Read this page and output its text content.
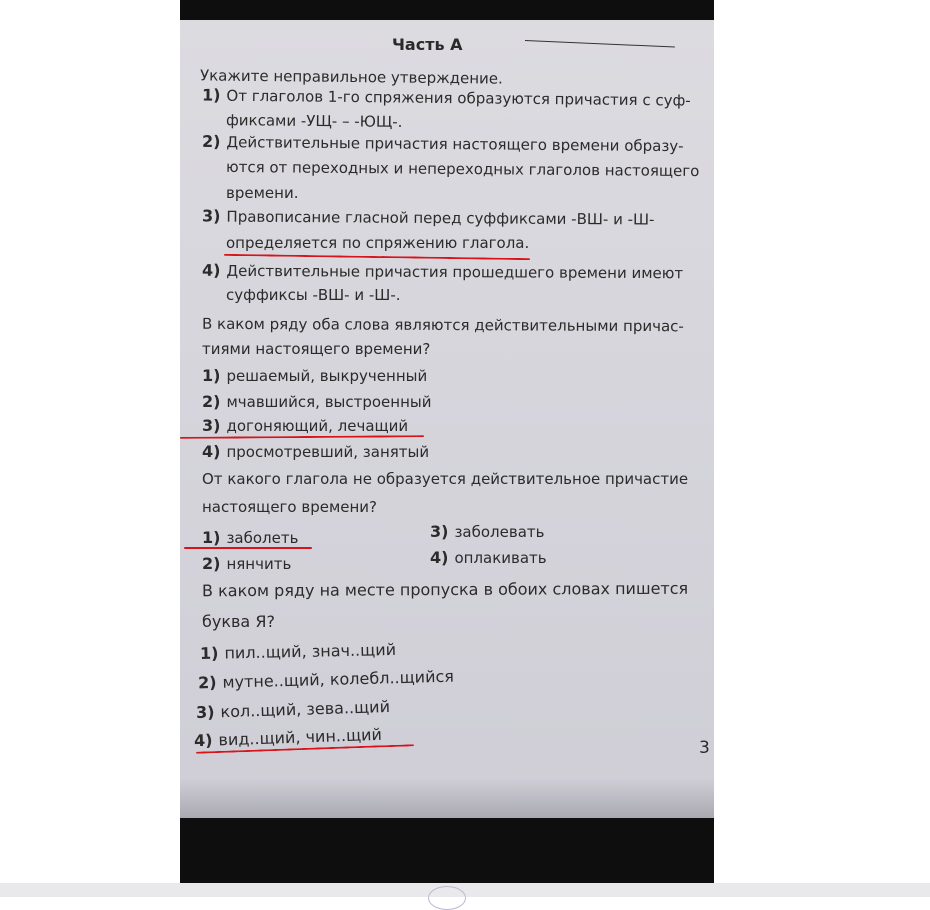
Часть А
Укажите неправильное утверждение.
1) От глаголов 1-го спряжения образуются причастия с суф-
фиксами -УЩ- – -ЮЩ-.
2) Действительные причастия настоящего времени образу-
ются от переходных и непереходных глаголов настоящего
времени.
3) Правописание гласной перед суффиксами -ВШ- и -Ш-
определяется по спряжению глагола.
4) Действительные причастия прошедшего времени имеют
суффиксы -ВШ- и -Ш-.
В каком ряду оба слова являются действительными причас-
тиями настоящего времени?
1) решаемый, выкрученный
2) мчавшийся, выстроенный
3) догоняющий, лечащий
4) просмотревший, занятый
От какого глагола не образуется действительное причастие
настоящего времени?
1) заболеть
2) нянчить
3) заболевать
4) оплакивать
В каком ряду на месте пропуска в обоих словах пишется
буква Я?
1) пил..щий, знач..щий
2) мутне..щий, колебл..щийся
3) кол..щий, зева..щий
4) вид..щий, чин..щий	3
